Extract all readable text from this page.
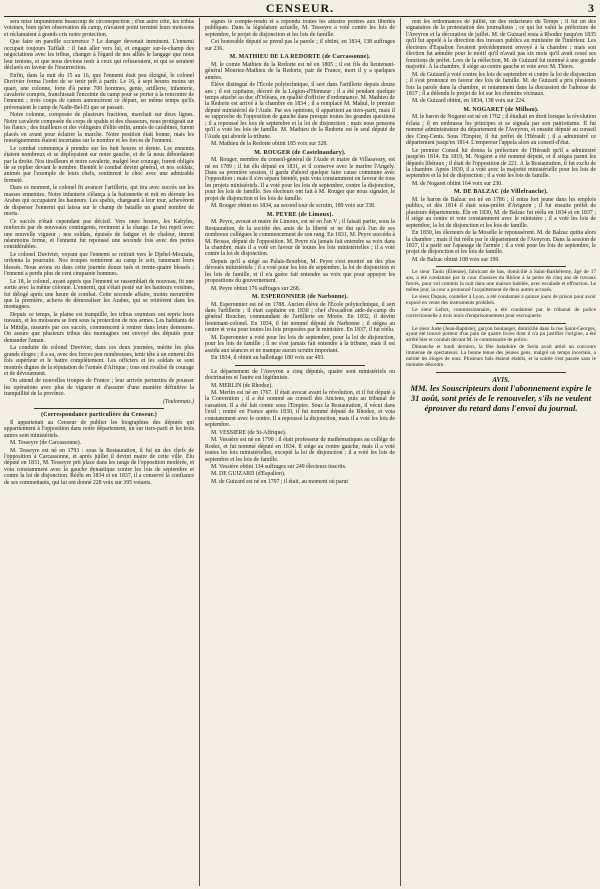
CENSEUR.	3

sera mise impunément beaucoup de circonspection ; d'un autre côté, les tribus voisines, bien qu'en observation du camp, n'avaient point terminé leurs moissons et réclamaient à grands cris notre protection.

Que faire en pareille occurrence ? Le danger devenait imminent. L'ennemi occupait toujours Tafilalt : il faut aller vers lui, et engager sur-le-champ des négociations avec les tribus, changer à l'égard de nos alliés le langage que nous leur tenions, et que nous devions tenir à ceux qui refuseraient, et qui se seraient déclarés en faveur de l'insurrection.

Enfin, dans la nuit du 15 au 16, que l'ennemi était peu éloigné, le colonel Duvivier forma l'ordre de se tenir prêt à partir. Le 16, à sept heures moins un quart, une colonne, forte d'à peine 700 hommes, genie, artillerie, infanterie, cavalerie compris, franchissait l'enceinte du camp pour se porter à la rencontre de l'ennemi ; trois coups de canon annoncèrent ce départ, en même temps qu'ils prévenaient le camp de Nadir-Bel-Ei que se passait.

Notre colonne, composée de plusieurs fractions, marchait sur deux lignes. Notre cavalerie composée du corps de spahis et des chasseurs, nous protégeait sur les flancs ; des tirailleurs et des voltigeurs d'élite enfin, armés de carabines, furent placés en avant pour éclairer la marche. Notre position était bonne, mais les renseignements étaient incertains sur le nombre et les forces de l'ennemi.

Le combat commença à prendre sur les huit heures et demie. Les ennemis étaient nombreux et se déployaient sur notre gauche, et de là nous débordaient par la droite. Nos tirailleurs et notre cavalerie, malgré leur courage, furent obligés de se replier devant le nombre. Bientôt le combat devint général, et nos soldats, animés par l'exemple de leurs chefs, soutinrent le choc avec une admirable fermeté.

Dans ce moment, le colonel fit avancer l'artillerie, qui tira avec succès sur les masses ennemies. Notre infanterie s'élança à la baïonnette et mit en déroute les Arabes qui occupaient les hauteurs. Les spahis, chargeant à leur tour, achevèrent de disperser l'ennemi qui laissa sur le champ de bataille un grand nombre de morts.

Ce succès n'était cependant pas décisif. Vers onze heures, les Kabyles, renforcés par de nouveaux contingents, revinrent à la charge. Le feu reprit avec une nouvelle vigueur ; nos soldats, épuisés de fatigue et de chaleur, tinrent néanmoins ferme, et l'ennemi fut repoussé une seconde fois avec des pertes considérables.

Le colonel Duvivier, voyant que l'ennemi se retirait vers le Djebel-Mouzaïa, ordonna la poursuite. Nos troupes rentrèrent au camp le soir, ramenant leurs blessés. Nous avons eu dans cette journée douze tués et trente-quatre blessés ; l'ennemi a perdu plus de cent cinquante hommes.

Le 18, le colonel, ayant appris que l'ennemi se rassemblait de nouveau, fit une sortie avec la même colonne. L'ennemi, qui s'était posté sur les hauteurs voisines, fut délogé après une heure de combat. Cette seconde affaire, moins meurtrière que la première, acheva de démoraliser les Arabes, qui se retirèrent dans les montagnes.

Depuis ce temps, la plaine est tranquille, les tribus soumises ont repris leurs travaux, et les moissons se font sous la protection de nos armes. Les habitants de la Mitidja, rassurés par ces succès, commencent à rentrer dans leurs demeures. On assure que plusieurs tribus des montagnes ont envoyé des députés pour demander l'aman.

La conduite du colonel Duvivier, dans ces deux journées, mérite les plus grands éloges ; il a su, avec des forces peu nombreuses, tenir tête à un ennemi dix fois supérieur et le battre complétement. Les officiers et les soldats se sont montrés dignes de la réputation de l'armée d'Afrique ; tous ont rivalisé de courage et de dévouement.

On attend de nouvelles troupes de France ; leur arrivée permettra de pousser les opérations avec plus de vigueur et d'assurer d'une manière définitive la tranquillité de la province.

(Toulonnais.)
(Correspondance particulière du Censeur.)

Il appartenait au Censeur de publier les biographies des députés qui appartiennent à l'opposition dans notre département, un sur tiers-parti et les trois autres sont ministériels.

M. Tesseyre (de Carcassonne).

M. Tesseyre est né en 1793 : sous la Restauration, il fut un des chefs de l'opposition à Carcassonne, et après juillet il devint maire de cette ville. Élu député en 1831, M. Tesseyre prit place dans les rangs de l'opposition modérée, et vota constamment avec la gauche dynastique contre les lois de septembre et contre la loi de disjonction. Réélu en 1834 et en 1837, il a conservé la confiance de ses commettants, qui lui ont donné 228 voix sur 395 votants.

signés le compte-rendu et a répondu toutes les attestes portées aux libertés publiques. Dans la législature actuelle, M. Tesseyre a voté contre les lois de septembre, le projet de disjonction et les lois de famille.

Cet honorable député se prend pas la parole ; il obtint, en 1834, 138 suffrages sur 236.

M. MATHIEU DE LA REDORTE (de Carcassonne).

M. le comte Mathieu de la Redorte est né en 1805 ; il est fils du lieutenant-général Mouriez-Mathieu de la Redorte, pair de France, mort il y a quelques années.

Élève distingué de l'École polytechnique, il sert dans l'artillerie depuis douze ans ; il est capitaine, décoré de la Légion-d'Honneur ; il a été pendant quelque temps attaché au duc d'Orléans, en qualité d'officier d'ordonnance. M. Mathieu de la Redorte est arrivé à la chambre en 1834 ; il a remplacé M. Mahul, le premier député ministériel de l'Aude. Par ses opinions, il appartient au tiers-parti, mais il se rapproche de l'opposition de gauche dans presque toutes les grandes questions ; il a repoussé les lois de septembre et la loi de disjonction ; mais nous pensons qu'il a voté les lois de famille. M. Mathieu de la Redorte est le seul député de l'Aude qui aborde la tribune.

M. Mathieu de la Redorte obtint 185 voix sur 328.

M. ROUGER (de Castelnaudary).

M. Rouger, membre du conseil-général de l'Aude et maire de Villasavary, est né en 1789 ; il fut élu député en 1831, et il conserve avec le marbre l'Angely. Dans sa première session, il garda d'abord quelque faire cause commune avec l'opposition ; mais il s'en sépara bientôt, puis vota constamment en faveur de tous les projets ministériels. Il a voté pour les lois de septembre, contre la disjonction, pour les lois de famille. Ses électeurs ont fait à M. Rouger que nous signaler, le projet de disjonction et les lois de famille.

M. Rouger obtint en 1834, au second tour de scrutin, 189 voix sur 338.

M. PEYRE (de Limoux).

M. Peyre, avocat et maire de Limoux, est né en l'an V ; il faisait partie, sous la Restauration, de la société des amis de la liberté et ne dut qu'à l'un de ses nombreux collègues le commencement de son rang. En 1831, M. Peyre succéda à M. Brosse, député de l'opposition. M. Peyre n'a jamais fait entendre sa voix dans la chambre, mais il a voté en faveur de toutes les lois ministérielles ; il a voté contre la loi de disjonction.

Depuis qu'il a siégé au Palais-Bourbon, M. Peyre s'est montré un des plus dévoués ministériels ; il a voté pour les lois de septembre, la loi de disjonction et les lois de famille, et il n'a guère fait entendre sa voix que pour appuyer les propositions du gouvernement.

M. Peyre obtint 176 suffrages sur 268.

M. ESPERONNIER (de Narbonne).

M. Esperonnier est né en 1788. Ancien élève de l'École polytechnique, il sert dans l'artillerie ; il était capitaine en 1830 ; chef d'escadron aide-de-camp du général Boucher, commandant de l'artillerie en Morée. En 1832, il devint lieutenant-colonel. En 1834, il fut nommé député de Narbonne ; il siégea au centre et vota pour toutes les lois proposées par le ministère. En 1837, il fut réélu.

M. Esperonnier a voté pour les lois de septembre, pour la loi de disjonction, pour les lois de famille ; il ne s'est jamais fait entendre à la tribune, mais il est assidu aux séances et ne manque aucun scrutin important.

En 1834, il obtint au ballottage 180 voix sur 493.

Le département de l'Aveyron a cinq députés, quatre sont ministériels ou doctrinaires et l'autre est légitimiste.

M. MERLIN (de Rhodez).

M. Merlin est né en 1767. Il était avocat avant la révolution, et il fut député à la Convention ; il a été nommé au conseil des Anciens, puis au tribunal de cassation. Il a été fait comte sous l'Empire. Sous la Restauration, il vécut dans l'exil ; rentré en France après 1830, il fut nommé député de Rhodez, et vota constamment avec le centre. Il a repoussé la disjonction, mais il a voté les lois de septembre.

M. VESSIERE (de St-Affrique).

M. Vessière est né en 1790 ; il était professeur de mathématiques au collége de Rodez, et fut nommé député en 1834. Il siége au centre gauche, mais il a voté toutes les lois ministérielles, excepté la loi de disjonction ; il a voté les lois de septembre et les lois de famille.

M. Vessière obtint 134 suffrages sur 249 électeurs inscrits.

M. DE GUIZARD (d'Espalion).

M. de Guizard est né en 1797 ; il était, au moment où parut

rent les ordonnances de juillet, un des rédacteurs du Temps ; il fut un des signataires de la protestation des journalistes ; ce qui lui valut la préfecture de l'Aveyron et la décoration de juillet. M. de Guizard resta à Rhodez jusqu'en 1835 qu'il fut appelé à la direction des travaux publics au ministère de l'intérieur. Les électeurs d'Espalion l'avaient précédemment envoyé à la chambre ; mais son élection fut annulée pour le motif qu'il n'avait pas six mois qu'il avait cessé ses fonctions de préfet. Lors de la réélection, M. de Guizard fut nommé à une grande majorité. À la chambre, il siége au centre gauche et vote avec M. Thiers.

M. de Guizard a voté contre les lois de septembre et contre la loi de disjonction ; il s'est prononcé en faveur des lois de famille. M. de Guizard a pris plusieurs fois la parole dans la chambre, et notamment dans la discussion de l'adresse de 1837 ; il a défendu le projet de loi sur les chemins vicinaux.

M. de Guizard obtint, en 1834, 138 voix sur 224.

M. NOGARET (de Milhau).

M. le baron de Nogaret est né en 1762 ; il étudiait en droit lorsque la révolution éclata ; il en embrassa les principes et se signala par son patriotisme. Il fut nommé administrateur du département de l'Aveyron, et ensuite député au conseil des Cinq-Cents. Sous l'Empire, il fut préfet de l'Hérault ; il a administré ce département jusqu'en 1814. L'empereur l'appela alors au conseil-d'état.

Le premier Consul lui donna la préfecture de l'Hérault qu'il a administré jusqu'en 1814. En 1819, M. Nogaret a été nommé député, et il siégea parmi les députés libéraux ; il était de l'opposition de 221. À la Restauration, il fut exclu de la chambre. Après 1830, il a voté avec la majorité ministérielle pour les lois de septembre et la loi de disjonction ; il a voté les lois de famille.

M. de Nogaret obtint 164 voix sur 230.

M. DE BALZAC (de Villefranche).

M. le baron de Balzac est né en 1786 ; il entra fort jeune dans les emplois publics, et dès 1814 il était sous-préfet d'Avignon ; il fut ensuite préfet de plusieurs départements. Élu en 1830, M. de Balzac fut réélu en 1834 et en 1837 ; il siége au centre et vote constamment avec le ministère ; il a voté les lois de septembre, la loi de disjonction et les lois de famille.

En 1830, les électeurs de la Moselle le repoussèrent. M. de Balzac quitta alors la chambre ; mais il fut réélu par le département de l'Aveyron. Dans la session de 1837, il a parlé sur l'apanage de l'armée ; il a voté pour les lois de septembre, le projet de disjonction et les lois de famille.

M. de Balzac obtint 108 voix sur 199.

Le sieur Tanin (Étienne), fabricant de bas, domicilié à Saint-Barthélemy, âgé de 17 ans, a été condamné par la cour d'assises du Rhône à la peine de cinq ans de travaux forcés, pour vol commis la nuit dans une maison habitée, avec escalade et effraction. Le même jour, la cour a prononcé l'acquittement de deux autres accusés.

Le sieur Dupuis, coutelier à Lyon, a été condamné à quinze jours de prison pour avoir exposé en vente des instruments prohibés.

Le sieur Lefort, commissionnaire, a été condamné par le tribunal de police correctionnelle à trois mois d'emprisonnement pour escroquerie.

Le sieur Juste (Jean-Baptiste), garçon boulanger, domicilié dans la rue Saint-Georges, ayant été trouvé porteur d'un pain de quatre livres dont il n'a pu justifier l'origine, a été arrêté hier et conduit devant M. le commissaire de police.

Dimanche et lundi derniers, la fête baladoire de Serin avait attiré un concours immense de spectateurs. La bonne tenue des jeunes gens, malgré un temps incertain, a mérité les éloges de tous. Plusieurs bals étaient établis, et la soirée s'est passée sans le moindre désordre.

AVIS.
MM. les Souscripteurs dont l'abonnement expire le 31 août, sont priés de le renouveler, s'ils ne veulent éprouver du retard dans l'envoi du journal.
